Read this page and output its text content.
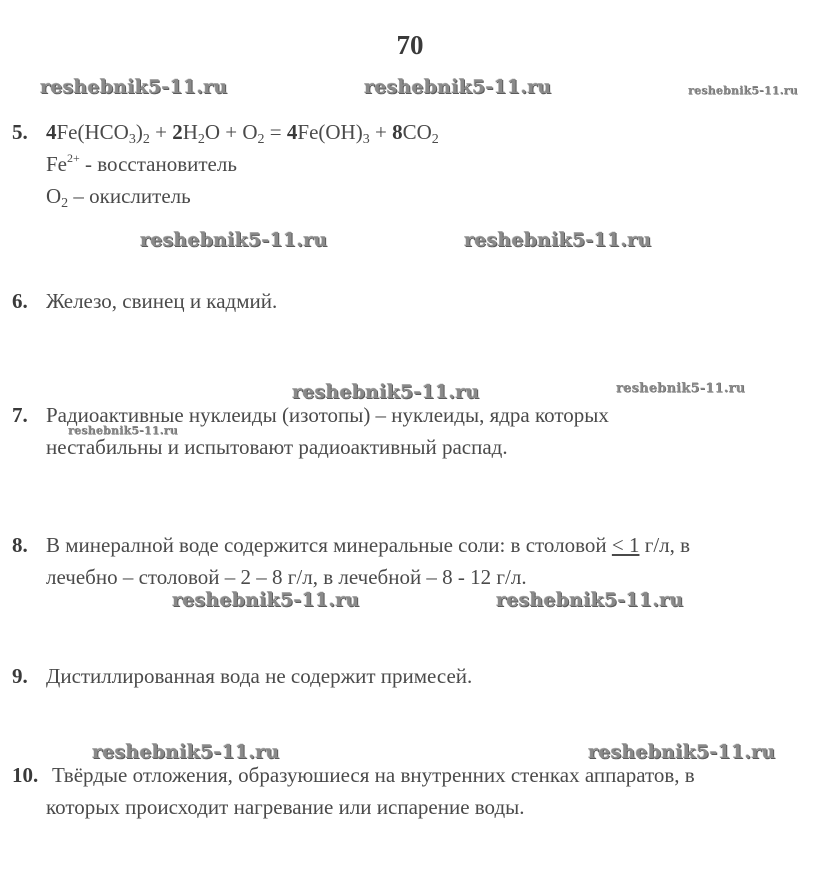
70
reshebnik5-11.ru	reshebnik5-11.ru	reshebnik5-11.ru
reshebnik5-11.ru	reshebnik5-11.ru
reshebnik5-11.ru	reshebnik5-11.ru
reshebnik5-11.ru
reshebnik5-11.ru	reshebnik5-11.ru
reshebnik5-11.ru	reshebnik5-11.ru
5. $4Fe(HCO_3)_2 + 2H_2O + O_2 = 4Fe(OH)_3 + 8CO_2$
$Fe^{2+}$ - восстановитель
$O_2$ – окислитель
6. Железо, свинец и кадмий.
7. Радиоактивные нуклеиды (изотопы) – нуклеиды, ядра которых
нестабильны и испытовают радиоактивный распад.
8. В минералной воде содержится минеральные соли: в столовой < 1 г/л, в
лечебно – столовой – 2 – 8 г/л, в лечебной – 8 - 12 г/л.
9. Дистиллированная вода не содержит примесей.
10. Твёрдые отложения, образуюшиеся на внутренних стенках аппаратов, в
которых происходит нагревание или испарение воды.
